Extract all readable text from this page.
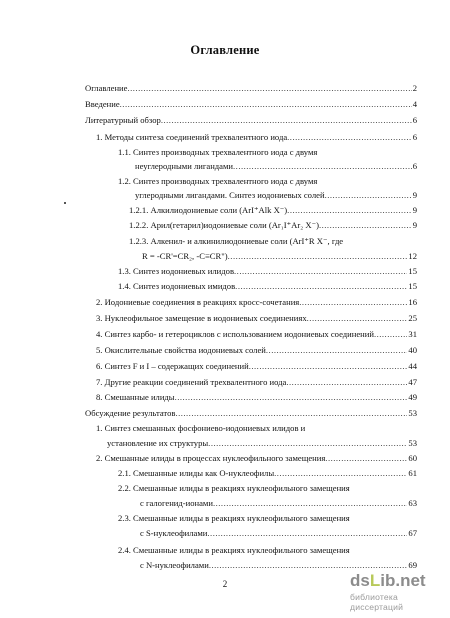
Оглавление
Оглавление .....	2
Введение .....	4
Литературный обзор .....	6
1. Методы синтеза соединений трехвалентного иода .....	6
1.1. Синтез производных трехвалентного иода с двумя
неуглеродными лигандами .....	6
1.2. Синтез производных трехвалентного иода с двумя
углеродными лигандами. Синтез иодониевых солей .....	9
1.2.1. Алкилиодониевые соли (ArI⁺Alk X⁻) .....	9
1.2.2. Арил(гетарил)иодониевые соли (Ar₁I⁺Ar₂ X⁻) .....	9
1.2.3. Алкенил- и алкинилиодониевые соли (ArI⁺R X⁻, где
R = -CR'=CR₂, -C≡CR") .....	12
1.3. Синтез иодониевых илидов .....	15
1.4. Синтез иодониевых имидов .....	15
2. Иодониевые соединения в реакциях кросс-сочетания .....	16
3. Нуклеофильное замещение в иодониевых соединениях .....	25
4. Синтез карбо- и гетероциклов с использованием иодониевых соединений .....	31
5. Окислительные свойства иодониевых солей .....	40
6. Синтез F и I – содержащих соединений .....	44
7. Другие реакции соединений трехвалентного иода .....	47
8. Смешанные илиды .....	49
Обсуждение результатов .....	53
1. Синтез смешанных фосфониево-иодониевых илидов и
установление их структуры .....	53
2. Смешанные илиды в процессах нуклеофильного замещения .....	60
2.1. Смешанные илиды как О-нуклеофилы .....	61
2.2. Смешанные илиды в реакциях нуклеофильного замещения
с галогенид-ионами .....	63
2.3. Смешанные илиды в реакциях нуклеофильного замещения
с S-нуклеофилами .....	67
2.4. Смешанные илиды в реакциях нуклеофильного замещения
с N-нуклеофилами .....	69
2	dsLib.net
библиотека диссертаций
